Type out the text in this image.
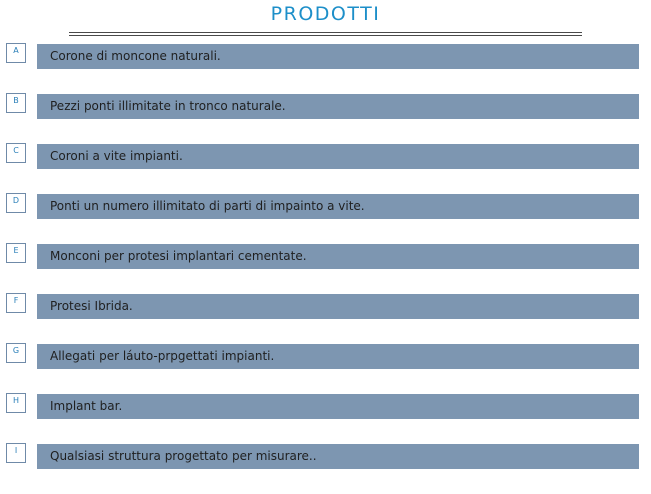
PRODOTTI
A	Corone di moncone naturali.
B	Pezzi ponti illimitate in tronco naturale.
C	Coroni a vite impianti.
D	Ponti un numero illimitato di parti di impainto a vite.
E	Monconi per protesi implantari cementate.
F	Protesi Ibrida.
G	Allegati per láuto-prpgettati impianti.
H	Implant bar.
I	Qualsiasi struttura progettato per misurare..
